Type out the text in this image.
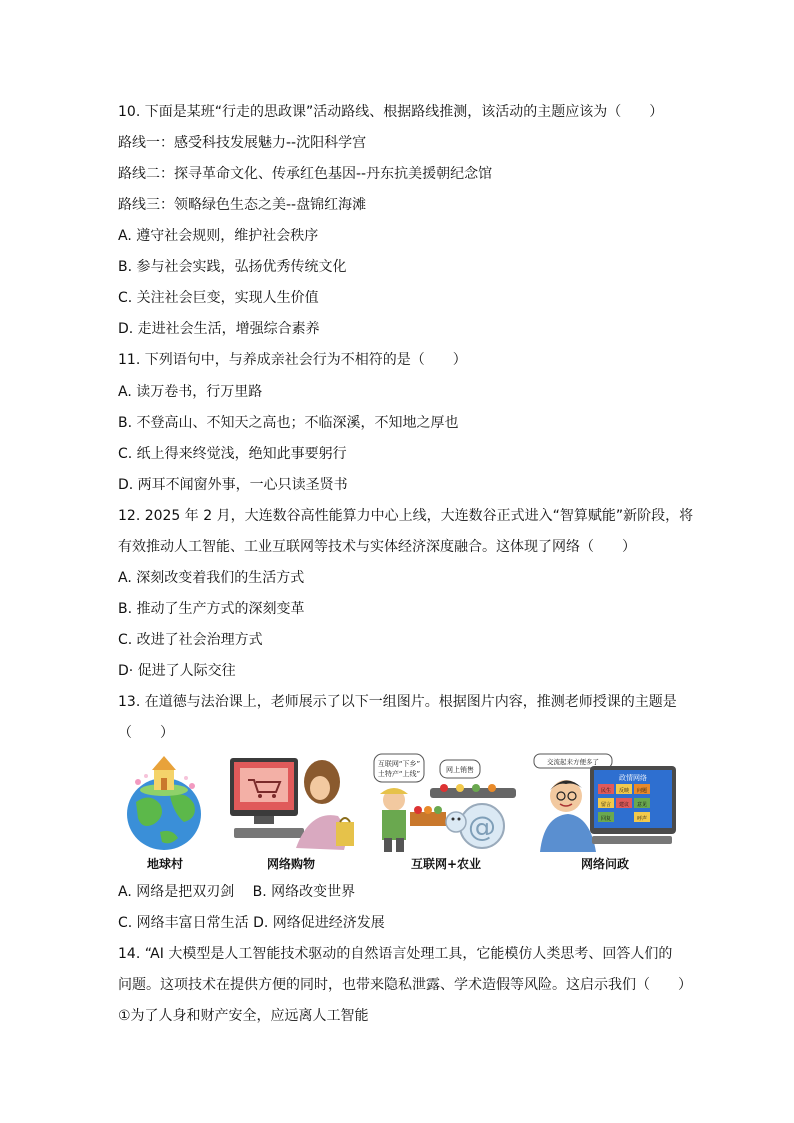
10. 下面是某班“行走的思政课”活动路线、根据路线推测，该活动的主题应该为（　　）
路线一：感受科技发展魅力--沈阳科学宫
路线二：探寻革命文化、传承红色基因--丹东抗美援朝纪念馆
路线三：领略绿色生态之美--盘锦红海滩
A. 遵守社会规则，维护社会秩序
B. 参与社会实践，弘扬优秀传统文化
C. 关注社会巨变，实现人生价值
D. 走进社会生活，增强综合素养
11. 下列语句中，与养成亲社会行为不相符的是（　　）
A. 读万卷书，行万里路
B. 不登高山、不知天之高也；不临深溪，不知地之厚也
C. 纸上得来终觉浅，绝知此事要躬行
D. 两耳不闻窗外事，一心只读圣贤书
12. 2025 年 2 月，大连数谷高性能算力中心上线，大连数谷正式进入“智算赋能”新阶段，将
有效推动人工智能、工业互联网等技术与实体经济深度融合。这体现了网络（　　）
A. 深刻改变着我们的生活方式
B. 推动了生产方式的深刻变革
C. 改进了社会治理方式
D· 促进了人际交往
13. 在道德与法治课上，老师展示了以下一组图片。根据图片内容，推测老师授课的主题是
（　　）
地球村	网络购物
互联网“下乡”
土特产“上线”	网上销售
@
互联网+农业
交流起来方便多了
政情网络
民生 反映 问题
留言 建议 意见
回复	呼声
网络问政
A. 网络是把双刃剑　 B. 网络改变世界
C. 网络丰富日常生活 D. 网络促进经济发展
14. “AI 大模型是人工智能技术驱动的自然语言处理工具，它能模仿人类思考、回答人们的
问题。这项技术在提供方便的同时，也带来隐私泄露、学术造假等风险。这启示我们（　　）
①为了人身和财产安全，应远离人工智能
